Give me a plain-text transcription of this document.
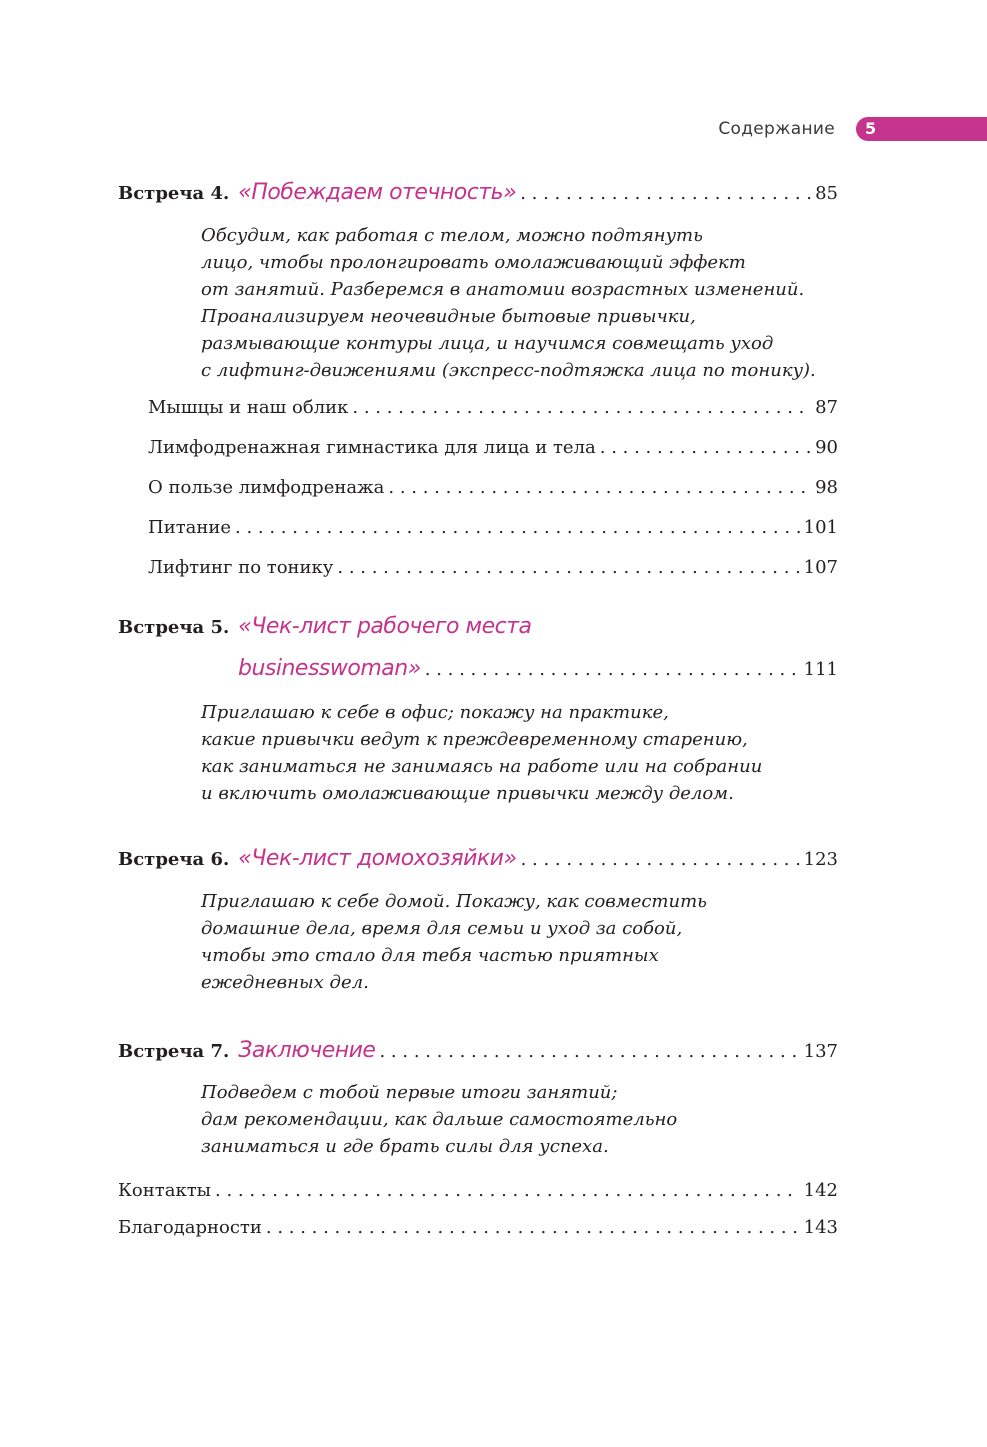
Содержание	5
Встреча 4. «Побеждаем отечность» . . .	85

Обсудим, как работая с телом, можно подтянуть

лицо, чтобы пролонгировать омолаживающий эффект

от занятий. Разберемся в анатомии возрастных изменений.

Проанализируем неочевидные бытовые привычки,

размывающие контуры лица, и научимся совмещать уход

с лифтинг-движениями (экспресс-подтяжка лица по тонику).

Мышцы и наш облик . . .	87
Лимфодренажная гимнастика для лица и тела . . .	90
О пользе лимфодренажа . . .	98
Питание . . .	101
Лифтинг по тонику . . .	107
Встреча 5. «Чек-лист рабочего места
businesswoman» . . .	111

Приглашаю к себе в офис; покажу на практике,

какие привычки ведут к преждевременному старению,

как заниматься не занимаясь на работе или на собрании

и включить омолаживающие привычки между делом.

Встреча 6. «Чек-лист домохозяйки» . . .	123

Приглашаю к себе домой. Покажу, как совместить

домашние дела, время для семьи и уход за собой,

чтобы это стало для тебя частью приятных

ежедневных дел.

Встреча 7. Заключение . . .	137

Подведем с тобой первые итоги занятий;

дам рекомендации, как дальше самостоятельно

заниматься и где брать силы для успеха.

Контакты . . .	142
Благодарности . . .	143
